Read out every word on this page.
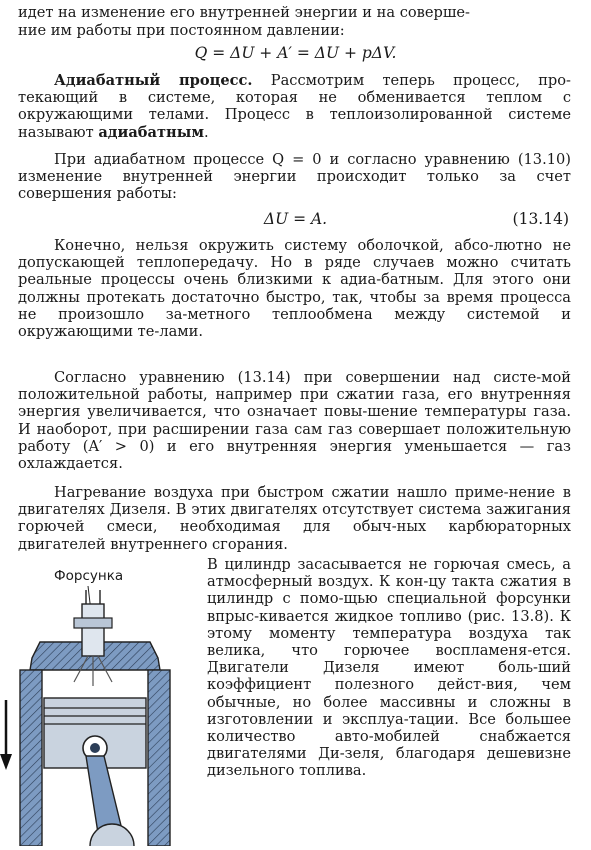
идет на изменение его внутренней энергии и на соверше-

ние им работы при постоянном давлении:

Q = ΔU + A′ = ΔU + pΔV.

Адиабатный процесс. Рассмотрим теперь процесс, про-текающий в системе, которая не обменивается теплом с окружающими телами. Процесс в теплоизолированной системе называют адиабатным.

При адиабатном процессе Q = 0 и согласно уравнению (13.10) изменение внутренней энергии происходит только за счет совершения работы:

ΔU = A.	(13.14)

Конечно, нельзя окружить систему оболочкой, абсо-лютно не допускающей теплопередачу. Но в ряде случаев можно считать реальные процессы очень близкими к адиа-батным. Для этого они должны протекать достаточно быстро, так, чтобы за время процесса не произошло за-метного теплообмена между системой и окружающими те-лами.

Согласно уравнению (13.14) при совершении над систе-мой положительной работы, например при сжатии газа, его внутренняя энергия увеличивается, что означает повы-шение температуры газа. И наоборот, при расширении газа сам газ совершает положительную работу (A′ > 0) и его внутренняя энергия уменьшается — газ охлаждается.

Нагревание воздуха при быстром сжатии нашло приме-нение в двигателях Дизеля. В этих двигателях отсутствует система зажигания горючей смеси, необходимая для обыч-ных карбюраторных двигателей внутреннего сгорания.

В цилиндр засасывается не горючая смесь, а атмосферный воздух. К кон-цу такта сжатия в цилиндр с помо-щью специальной форсунки впрыс-кивается жидкое топливо (рис. 13.8). К этому моменту температура воздуха так велика, что горючее воспламеня-ется. Двигатели Дизеля имеют боль-ший коэффициент полезного дейст-вия, чем обычные, но более массивны и сложны в изготовлении и эксплуа-тации. Все большее количество авто-мобилей снабжается двигателями Ди-зеля, благодаря дешевизне дизельного топлива.

Форсунка
